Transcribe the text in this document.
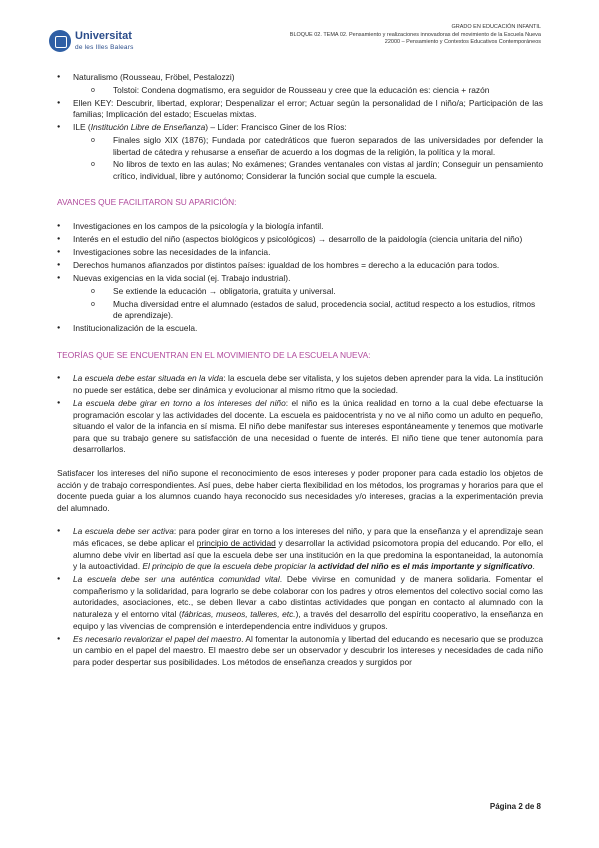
Universitat
de les Illes Balears
GRADO EN EDUCACIÓN INFANTIL
BLOQUE 02. TEMA 02. Pensamiento y realizaciones innovadoras del movimiento de la Escuela Nueva
22000 – Pensamiento y Contextos Educativos Contemporáneos
● Naturalismo (Rousseau, Fröbel, Pestalozzi)
o Tolstoi: Condena dogmatismo, era seguidor de Rousseau y cree que la educación es: ciencia + razón
● Ellen KEY: Descubrir, libertad, explorar; Despenalizar el error; Actuar según la personalidad de l niño/a; Participación de las familias; Implicación del estado; Escuelas mixtas.
● ILE (Institución Libre de Enseñanza) – Líder: Francisco Giner de los Ríos:
o Finales siglo XIX (1876); Fundada por catedráticos que fueron separados de las universidades por defender la libertad de cátedra y rehusarse a enseñar de acuerdo a los dogmas de la religión, la política y la moral.
o No libros de texto en las aulas; No exámenes; Grandes ventanales con vistas al jardín; Conseguir un pensamiento crítico, individual, libre y autónomo; Considerar la función social que cumple la escuela.
AVANCES QUE FACILITARON SU APARICIÓN:
● Investigaciones en los campos de la psicología y la biología infantil.
● Interés en el estudio del niño (aspectos biológicos y psicológicos) → desarrollo de la paidología (ciencia unitaria del niño)
● Investigaciones sobre las necesidades de la infancia.
● Derechos humanos afianzados por distintos países: igualdad de los hombres = derecho a la educación para todos.
● Nuevas exigencias en la vida social (ej. Trabajo industrial).
o Se extiende la educación → obligatoria, gratuita y universal.
o Mucha diversidad entre el alumnado (estados de salud, procedencia social, actitud respecto a los estudios, ritmos de aprendizaje).
● Institucionalización de la escuela.
TEORÍAS QUE SE ENCUENTRAN EN EL MOVIMIENTO DE LA ESCUELA NUEVA:
● La escuela debe estar situada en la vida: la escuela debe ser vitalista, y los sujetos deben aprender para la vida. La institución no puede ser estática, debe ser dinámica y evolucionar al mismo ritmo que la sociedad.
● La escuela debe girar en torno a los intereses del niño: el niño es la única realidad en torno a la cual debe efectuarse la programación escolar y las actividades del docente. La escuela es paidocentrista y no ve al niño como un adulto en pequeño, situando el valor de la infancia en sí misma. El niño debe manifestar sus intereses espontáneamente y tenemos que motivarle para que su trabajo genere su satisfacción de una necesidad o fuente de interés. El niño tiene que tener autonomía para desarrollarlos.
Satisfacer los intereses del niño supone el reconocimiento de esos intereses y poder proponer para cada estadio los objetos de acción y de trabajo correspondientes. Así pues, debe haber cierta flexibilidad en los métodos, los programas y horarios para que el docente pueda guiar a los alumnos cuando haya reconocido sus necesidades y/o intereses, gracias a la experimentación previa del alumnado.
● La escuela debe ser activa: para poder girar en torno a los intereses del niño, y para que la enseñanza y el aprendizaje sean más eficaces, se debe aplicar el principio de actividad y desarrollar la actividad psicomotora propia del educando. Por ello, el alumno debe vivir en libertad así que la escuela debe ser una institución en la que predomina la espontaneidad, la autonomía y la autoactividad. El principio de que la escuela debe propiciar la actividad del niño es el más importante y significativo.
● La escuela debe ser una auténtica comunidad vital. Debe vivirse en comunidad y de manera solidaria. Fomentar el compañerismo y la solidaridad, para lograrlo se debe colaborar con los padres y otros elementos del colectivo social como las autoridades, asociaciones, etc., se deben llevar a cabo distintas actividades que pongan en contacto al alumnado con la naturaleza y el entorno vital (fábricas, museos, talleres, etc.), a través del desarrollo del espíritu cooperativo, la enseñanza en equipo y las vivencias de comprensión e interdependencia entre individuos y grupos.
● Es necesario revalorizar el papel del maestro. Al fomentar la autonomía y libertad del educando es necesario que se produzca un cambio en el papel del maestro. El maestro debe ser un observador y descubrir los intereses y necesidades de cada niño para poder despertar sus posibilidades. Los métodos de enseñanza creados y surgidos por
Página 2 de 8
